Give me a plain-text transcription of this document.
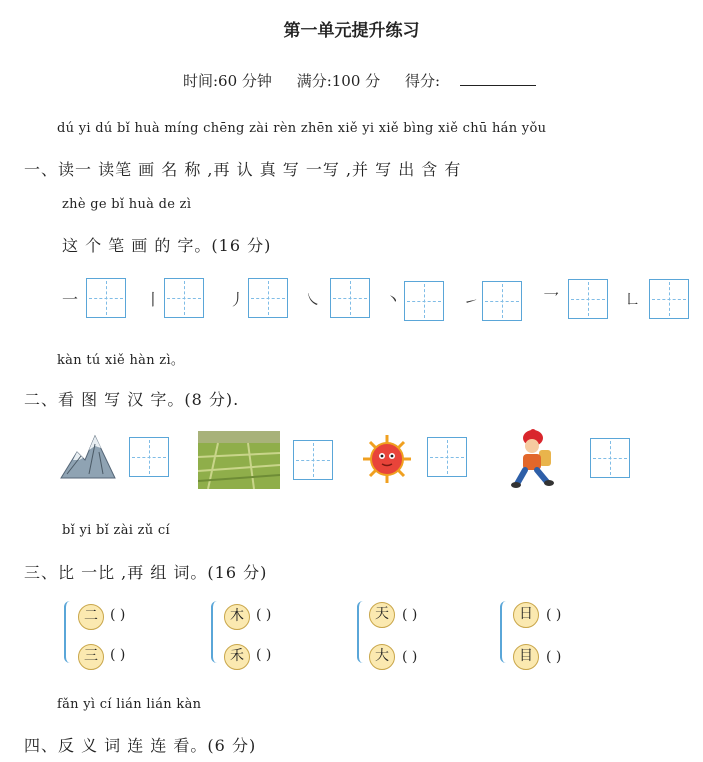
第一单元提升练习
时间:60 分钟 满分:100 分 得分:
dú yi dú bǐ huà míng chēng zài rèn zhēn xiě yi xiě bìng xiě chū hán yǒu
一、读一 读笔 画 名 称 ,再 认 真 写 一写 ,并 写 出 含 有
zhè ge bǐ huà de zì
这 个 笔 画 的 字。(16 分)
一	丨	丿	㇏	丶	㇀	乛	㇗
kàn tú xiě hàn zì。
二、看 图 写 汉 字。(8 分).
bǐ yi bǐ zài zǔ cí
三、比 一比 ,再 组 词。(16 分)
二 ( )
三 ( )
木 ( )
禾 ( )
天 ( )
大 ( )
日 ( )
目 ( )
fǎn yì cí lián lián kàn
四、反 义 词 连 连 看。(6 分)
